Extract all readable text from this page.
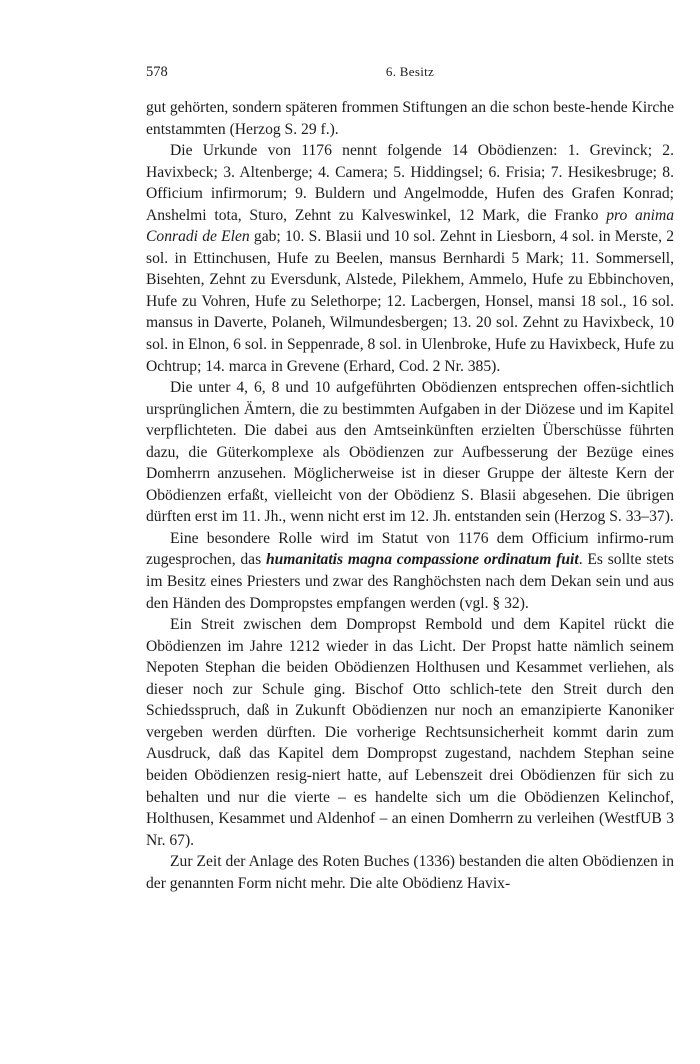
578	6. Besitz

gut gehörten, sondern späteren frommen Stiftungen an die schon beste-hende Kirche entstammten (Herzog S. 29 f.).

Die Urkunde von 1176 nennt folgende 14 Obödienzen: 1. Grevinck; 2. Havixbeck; 3. Altenberge; 4. Camera; 5. Hiddingsel; 6. Frisia; 7. Hesikesbruge; 8. Officium infirmorum; 9. Buldern und Angelmodde, Hufen des Grafen Konrad; Anshelmi tota, Sturo, Zehnt zu Kalveswinkel, 12 Mark, die Franko pro anima Conradi de Elen gab; 10. S. Blasii und 10 sol. Zehnt in Liesborn, 4 sol. in Merste, 2 sol. in Ettinchusen, Hufe zu Beelen, mansus Bernhardi 5 Mark; 11. Sommersell, Bisehten, Zehnt zu Eversdunk, Alstede, Pilekhem, Ammelo, Hufe zu Ebbinchoven, Hufe zu Vohren, Hufe zu Selethorpe; 12. Lacbergen, Honsel, mansi 18 sol., 16 sol. mansus in Daverte, Polaneh, Wilmundesbergen; 13. 20 sol. Zehnt zu Havixbeck, 10 sol. in Elnon, 6 sol. in Seppenrade, 8 sol. in Ulenbroke, Hufe zu Havixbeck, Hufe zu Ochtrup; 14. marca in Grevene (Erhard, Cod. 2 Nr. 385).

Die unter 4, 6, 8 und 10 aufgeführten Obödienzen entsprechen offen-sichtlich ursprünglichen Ämtern, die zu bestimmten Aufgaben in der Diözese und im Kapitel verpflichteten. Die dabei aus den Amtseinkünften erzielten Überschüsse führten dazu, die Güterkomplexe als Obödienzen zur Aufbesserung der Bezüge eines Domherrn anzusehen. Möglicherweise ist in dieser Gruppe der älteste Kern der Obödienzen erfaßt, vielleicht von der Obödienz S. Blasii abgesehen. Die übrigen dürften erst im 11. Jh., wenn nicht erst im 12. Jh. entstanden sein (Herzog S. 33–37).

Eine besondere Rolle wird im Statut von 1176 dem Officium infirmo-rum zugesprochen, das humanitatis magna compassione ordinatum fuit. Es sollte stets im Besitz eines Priesters und zwar des Ranghöchsten nach dem Dekan sein und aus den Händen des Dompropstes empfangen werden (vgl. § 32).

Ein Streit zwischen dem Dompropst Rembold und dem Kapitel rückt die Obödienzen im Jahre 1212 wieder in das Licht. Der Propst hatte nämlich seinem Nepoten Stephan die beiden Obödienzen Holthusen und Kesammet verliehen, als dieser noch zur Schule ging. Bischof Otto schlich-tete den Streit durch den Schiedsspruch, daß in Zukunft Obödienzen nur noch an emanzipierte Kanoniker vergeben werden dürften. Die vorherige Rechtsunsicherheit kommt darin zum Ausdruck, daß das Kapitel dem Dompropst zugestand, nachdem Stephan seine beiden Obödienzen resig-niert hatte, auf Lebenszeit drei Obödienzen für sich zu behalten und nur die vierte – es handelte sich um die Obödienzen Kelinchof, Holthusen, Kesammet und Aldenhof – an einen Domherrn zu verleihen (WestfUB 3 Nr. 67).

Zur Zeit der Anlage des Roten Buches (1336) bestanden die alten Obödienzen in der genannten Form nicht mehr. Die alte Obödienz Havix-
